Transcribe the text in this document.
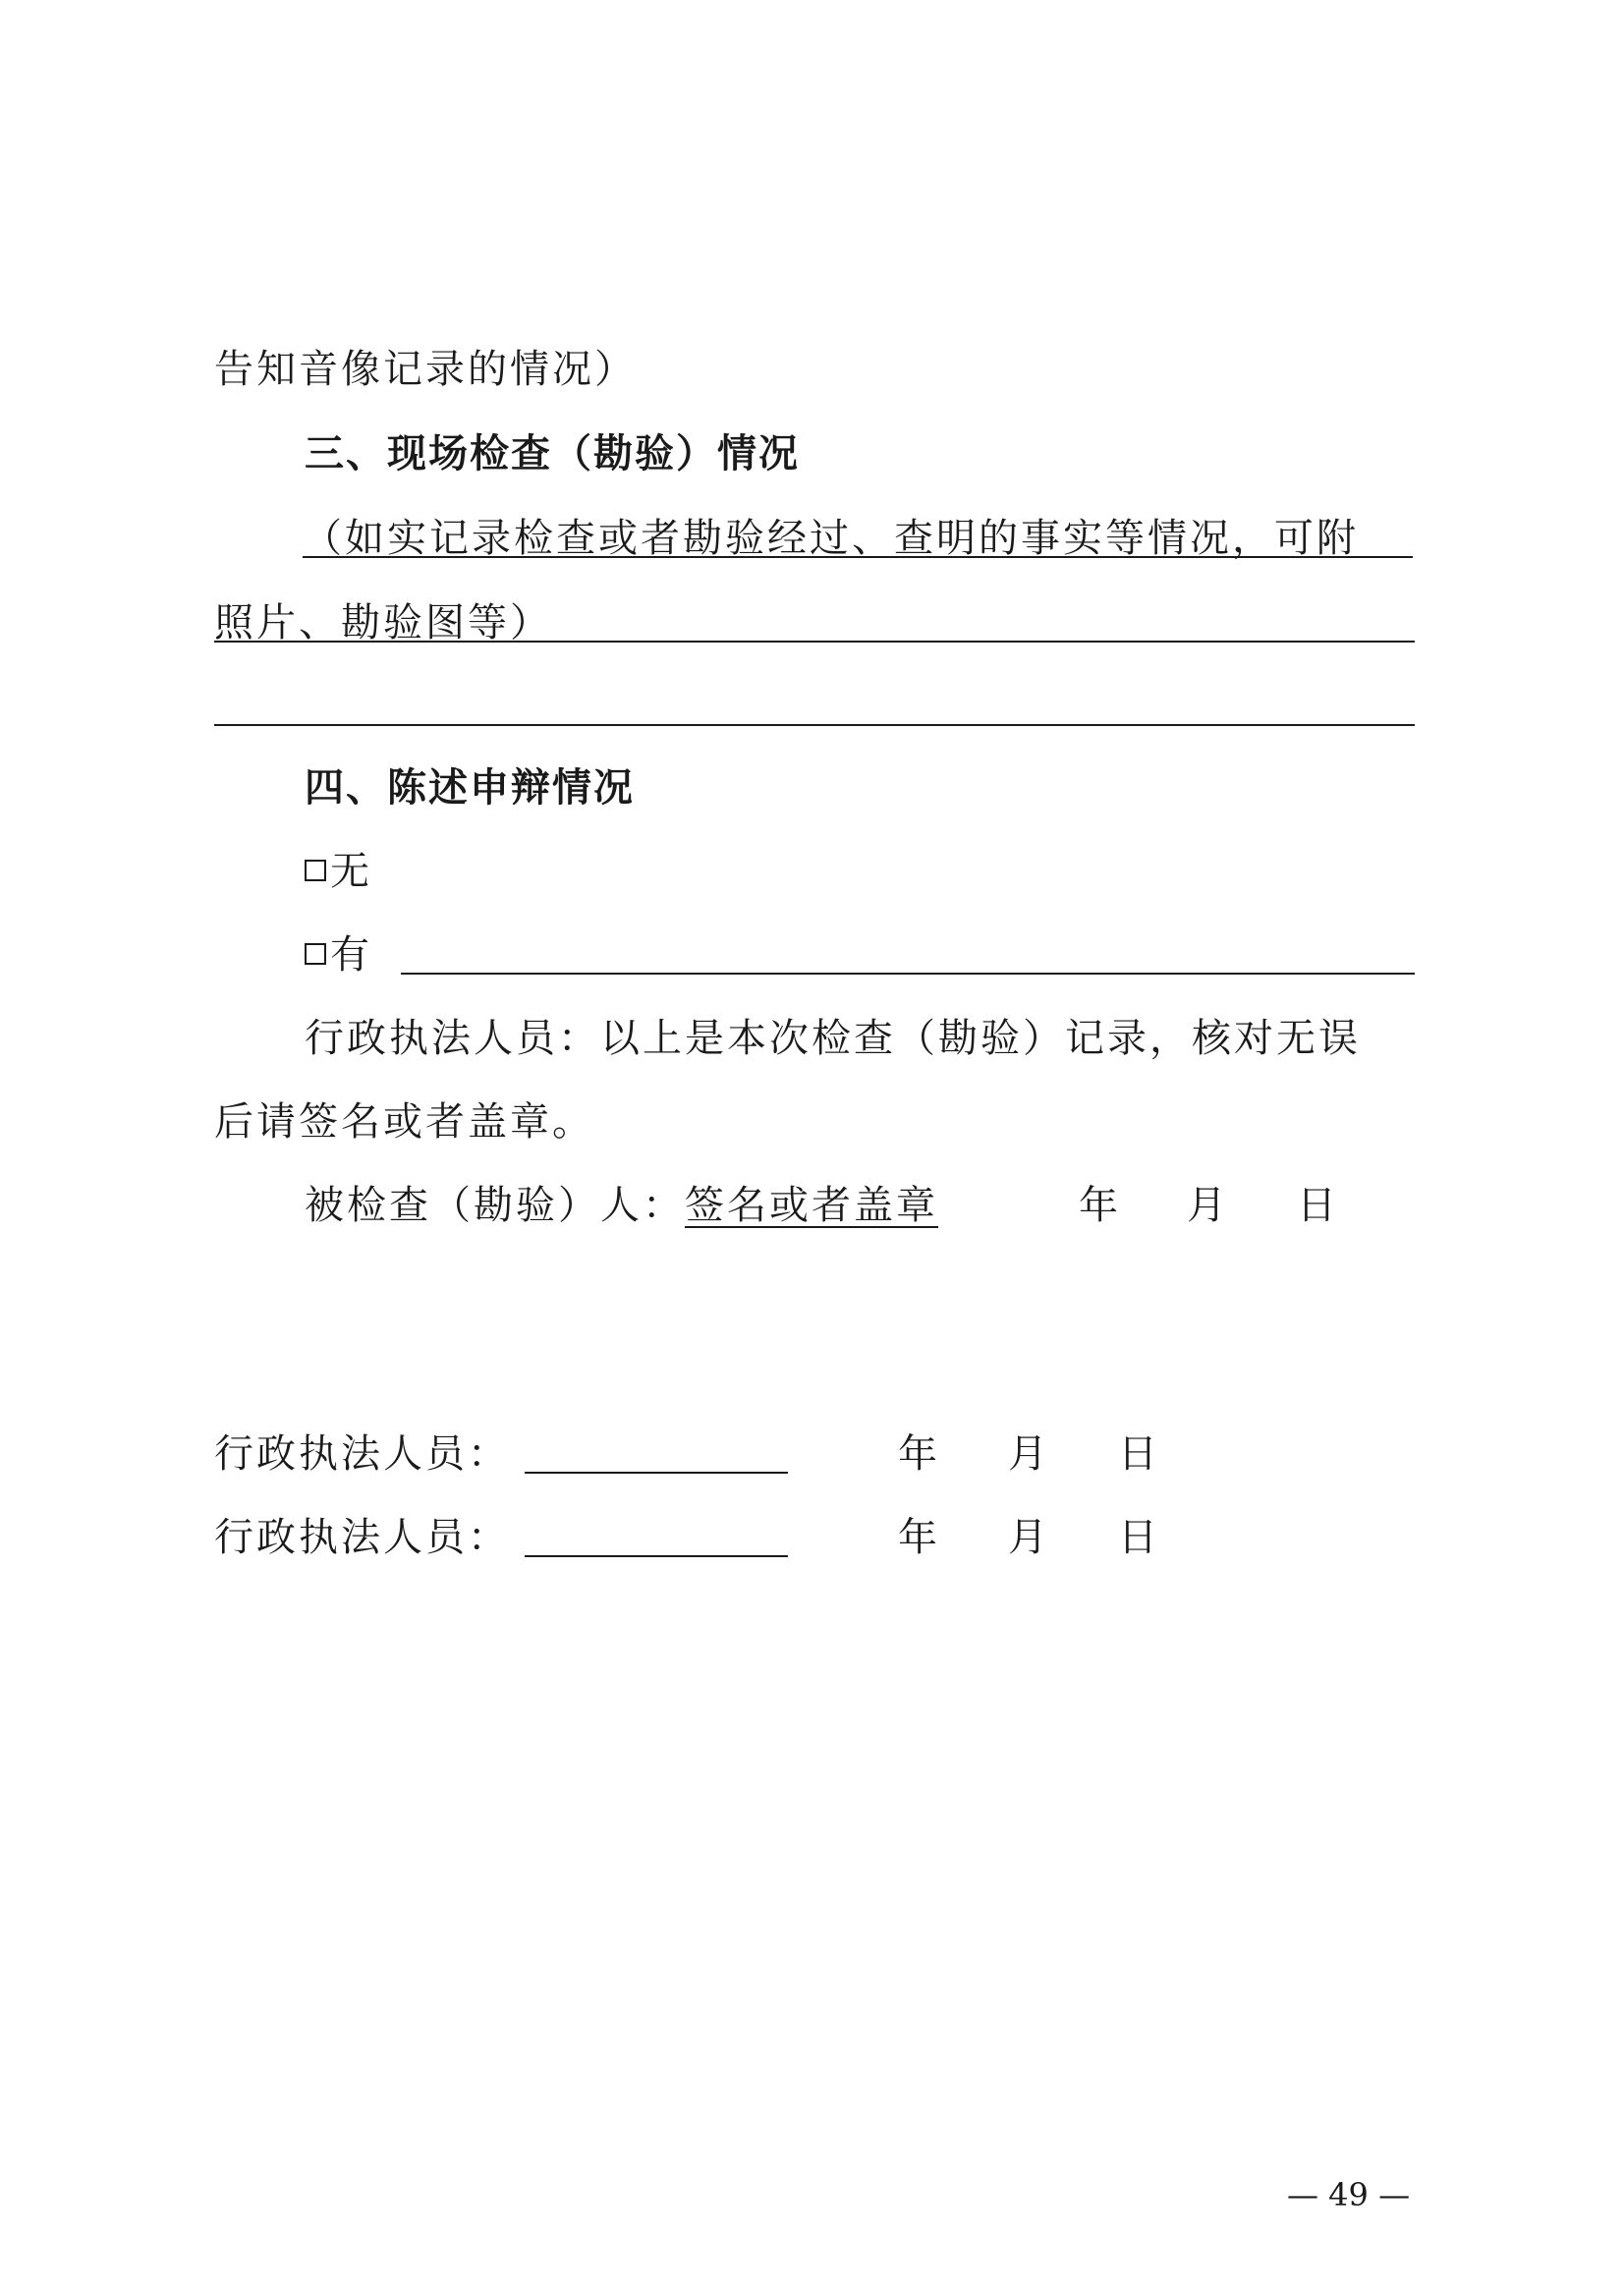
告知音像记录的情况）
三、现场检查（勘验）情况
（如实记录检查或者勘验经过、查明的事实等情况，可附
照片、勘验图等）
四、陈述申辩情况
无
有
行政执法人员：以上是本次检查（勘验）记录，核对无误
后请签名或者盖章。
被检查（勘验）人：签名或者盖章	年 月 日
行政执法人员：	年 月 日
行政执法人员：	年 月 日
— 49 —
